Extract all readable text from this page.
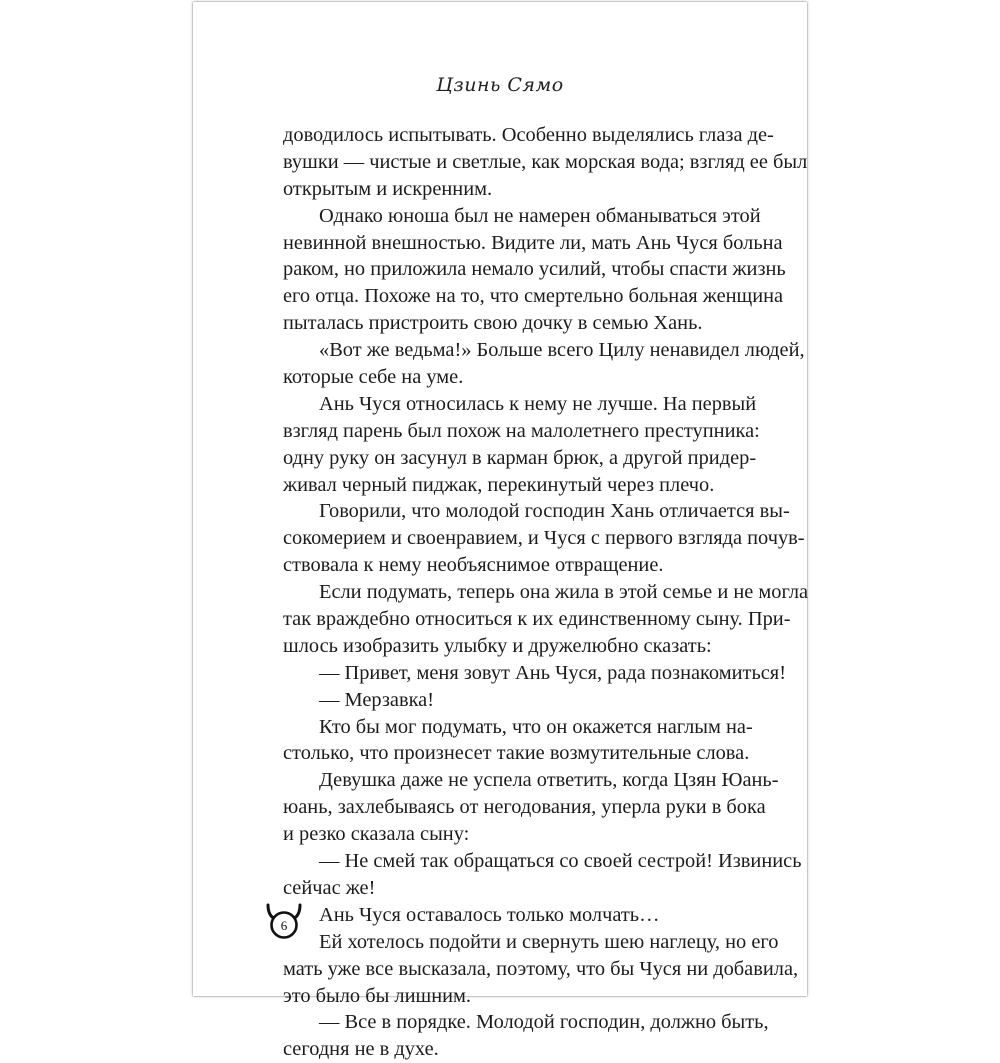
Цзинь Сямо
доводилось испытывать. Особенно выделялись глаза де-
вушки — чистые и светлые, как морская вода; взгляд ее был
открытым и искренним.
Однако юноша был не намерен обманываться этой
невинной внешностью. Видите ли, мать Ань Чуся больна
раком, но приложила немало усилий, чтобы спасти жизнь
его отца. Похоже на то, что смертельно больная женщина
пыталась пристроить свою дочку в семью Хань.
«Вот же ведьма!» Больше всего Цилу ненавидел людей,
которые себе на уме.
Ань Чуся относилась к нему не лучше. На первый
взгляд парень был похож на малолетнего преступника:
одну руку он засунул в карман брюк, а другой придер-
живал черный пиджак, перекинутый через плечо.
Говорили, что молодой господин Хань отличается вы-
сокомерием и своенравием, и Чуся с первого взгляда почув-
ствовала к нему необъяснимое отвращение.
Если подумать, теперь она жила в этой семье и не могла
так враждебно относиться к их единственному сыну. При-
шлось изобразить улыбку и дружелюбно сказать:
— Привет, меня зовут Ань Чуся, рада познакомиться!
— Мерзавка!
Кто бы мог подумать, что он окажется наглым на-
столько, что произнесет такие возмутительные слова.
Девушка даже не успела ответить, когда Цзян Юань-
юань, захлебываясь от негодования, уперла руки в бока
и резко сказала сыну:
— Не смей так обращаться со своей сестрой! Извинись
сейчас же!
Ань Чуся оставалось только молчать…
Ей хотелось подойти и свернуть шею наглецу, но его
мать уже все высказала, поэтому, что бы Чуся ни добавила,
это было бы лишним.
— Все в порядке. Молодой господин, должно быть,
сегодня не в духе.
6
